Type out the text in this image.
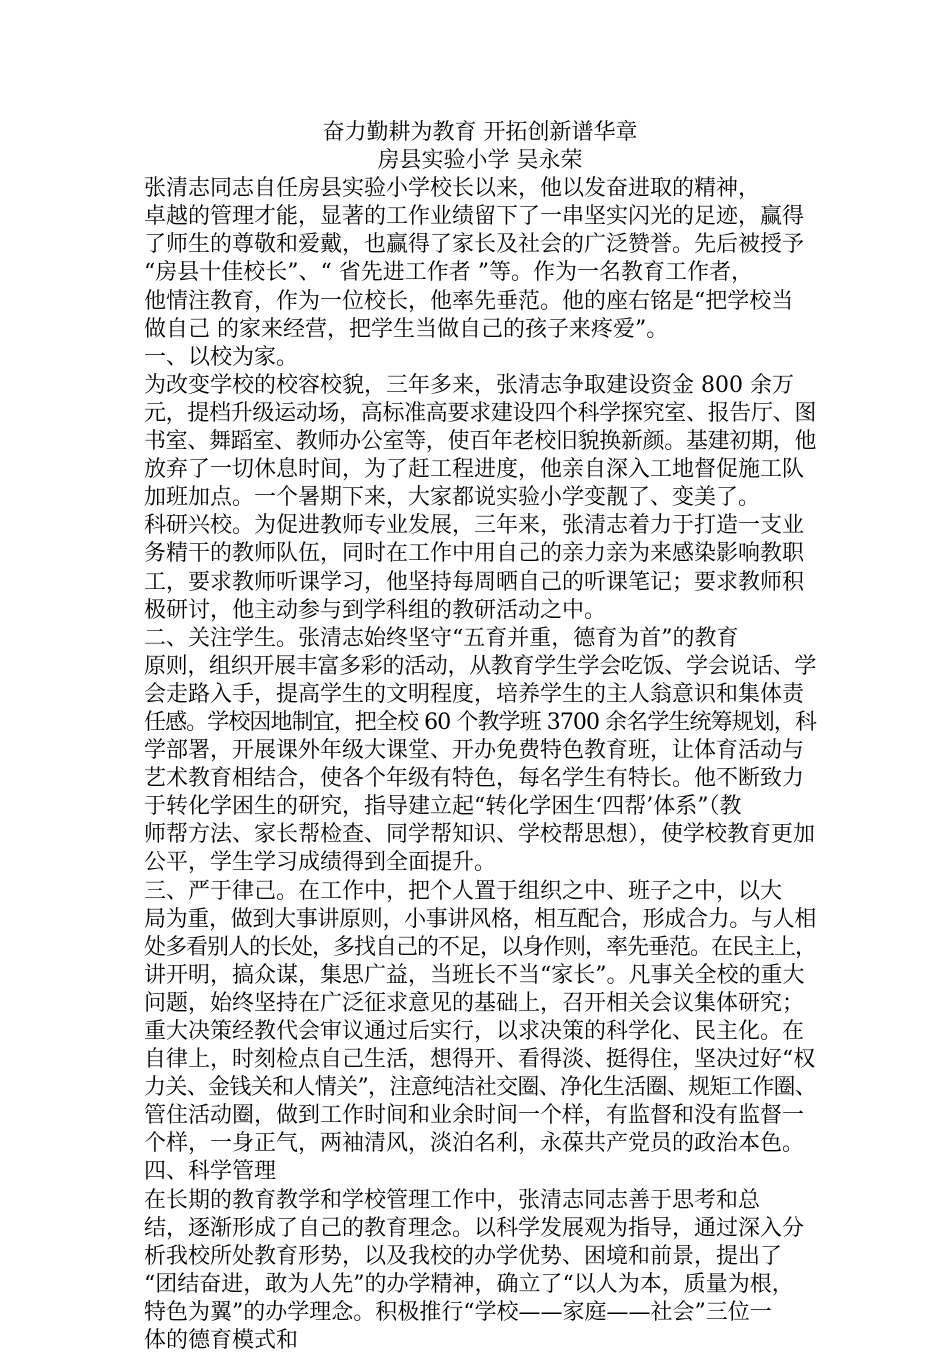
奋力勤耕为教育 开拓创新谱华章
房县实验小学 吴永荣
张清志同志自任房县实验小学校长以来，他以发奋进取的精神，
卓越的管理才能，显著的工作业绩留下了一串坚实闪光的足迹，赢得
了师生的尊敬和爱戴，也赢得了家长及社会的广泛赞誉。先后被授予
“房县十佳校长”、“ 省先进工作者 ”等。作为一名教育工作者，
他情注教育，作为一位校长，他率先垂范。他的座右铭是“把学校当
做自己 的家来经营，把学生当做自己的孩子来疼爱”。
一、以校为家。
为改变学校的校容校貌，三年多来，张清志争取建设资金 800 余万
元，提档升级运动场，高标准高要求建设四个科学探究室、报告厅、图
书室、舞蹈室、教师办公室等，使百年老校旧貌换新颜。基建初期，他
放弃了一切休息时间，为了赶工程进度，他亲自深入工地督促施工队
加班加点。一个暑期下来，大家都说实验小学变靓了、变美了。
科研兴校。为促进教师专业发展，三年来，张清志着力于打造一支业
务精干的教师队伍，同时在工作中用自己的亲力亲为来感染影响教职
工，要求教师听课学习，他坚持每周晒自己的听课笔记；要求教师积
极研讨，他主动参与到学科组的教研活动之中。
二、关注学生。张清志始终坚守“五育并重，德育为首”的教育
原则，组织开展丰富多彩的活动，从教育学生学会吃饭、学会说话、学
会走路入手，提高学生的文明程度，培养学生的主人翁意识和集体责
任感。学校因地制宜，把全校 60 个教学班 3700 余名学生统筹规划，科
学部署，开展课外年级大课堂、开办免费特色教育班，让体育活动与
艺术教育相结合，使各个年级有特色，每名学生有特长。他不断致力
于转化学困生的研究，指导建立起“转化学困生‘四帮’体系”（教
师帮方法、家长帮检查、同学帮知识、学校帮思想），使学校教育更加
公平，学生学习成绩得到全面提升。
三、严于律己。在工作中，把个人置于组织之中、班子之中，以大
局为重，做到大事讲原则，小事讲风格，相互配合，形成合力。与人相
处多看别人的长处，多找自己的不足，以身作则，率先垂范。在民主上，
讲开明，搞众谋，集思广益，当班长不当“家长”。凡事关全校的重大
问题，始终坚持在广泛征求意见的基础上，召开相关会议集体研究；
重大决策经教代会审议通过后实行，以求决策的科学化、民主化。在
自律上，时刻检点自己生活，想得开、看得淡、挺得住，坚决过好“权
力关、金钱关和人情关”，注意纯洁社交圈、净化生活圈、规矩工作圈、
管住活动圈，做到工作时间和业余时间一个样，有监督和没有监督一
个样，一身正气，两袖清风，淡泊名利，永葆共产党员的政治本色。
四、科学管理
在长期的教育教学和学校管理工作中，张清志同志善于思考和总
结，逐渐形成了自己的教育理念。以科学发展观为指导，通过深入分
析我校所处教育形势，以及我校的办学优势、困境和前景，提出了
“团结奋进，敢为人先”的办学精神，确立了“以人为本，质量为根，
特色为翼”的办学理念。积极推行“学校——家庭——社会”三位一
体的德育模式和
